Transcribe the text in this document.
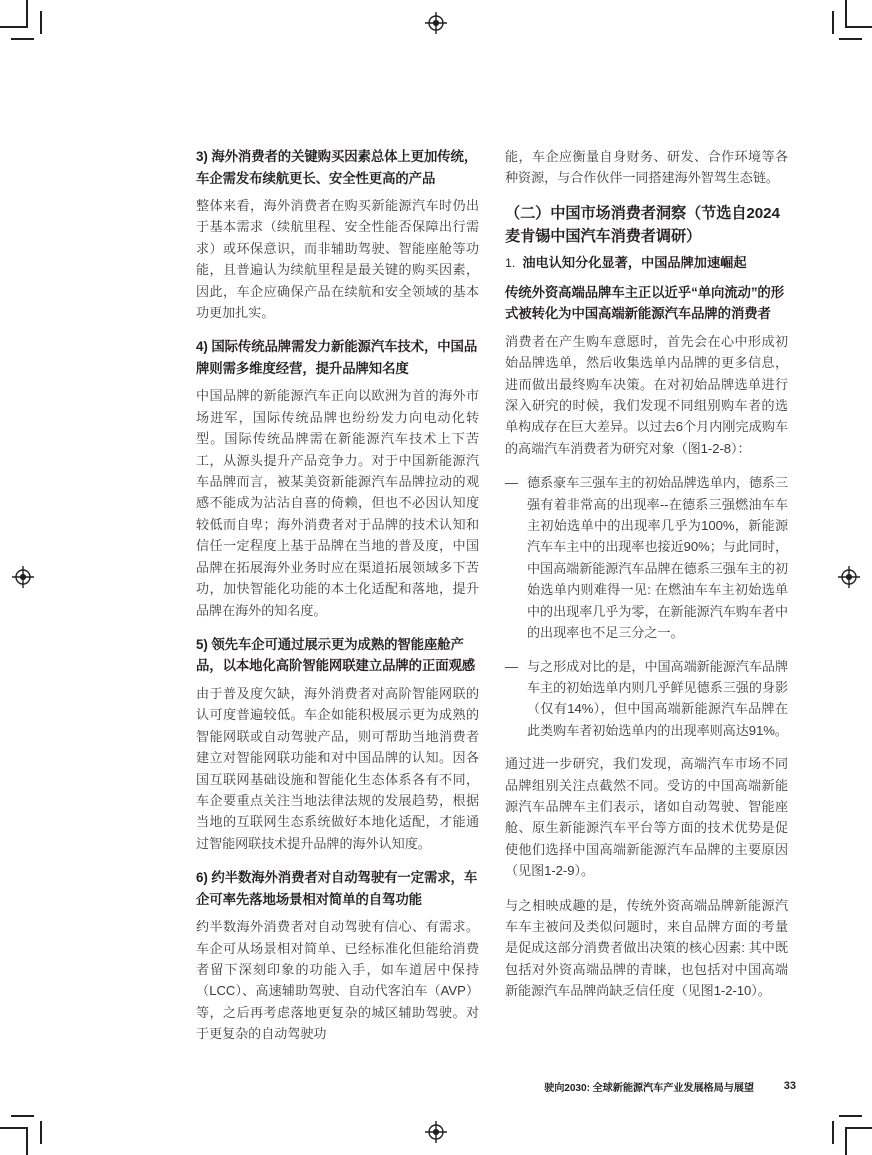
3) 海外消费者的关键购买因素总体上更加传统，车企需发布续航更长、安全性更高的产品

整体来看，海外消费者在购买新能源汽车时仍出于基本需求（续航里程、安全性能否保障出行需求）或环保意识，而非辅助驾驶、智能座舱等功能，且普遍认为续航里程是最关键的购买因素，因此，车企应确保产品在续航和安全领域的基本功更加扎实。

4) 国际传统品牌需发力新能源汽车技术，中国品牌则需多维度经营，提升品牌知名度

中国品牌的新能源汽车正向以欧洲为首的海外市场进军，国际传统品牌也纷纷发力向电动化转型。国际传统品牌需在新能源汽车技术上下苦工，从源头提升产品竞争力。对于中国新能源汽车品牌而言，被某美资新能源汽车品牌拉动的观感不能成为沾沾自喜的倚赖，但也不必因认知度较低而自卑；海外消费者对于品牌的技术认知和信任一定程度上基于品牌在当地的普及度，中国品牌在拓展海外业务时应在渠道拓展领域多下苦功，加快智能化功能的本土化适配和落地，提升品牌在海外的知名度。

5) 领先车企可通过展示更为成熟的智能座舱产品，以本地化高阶智能网联建立品牌的正面观感

由于普及度欠缺，海外消费者对高阶智能网联的认可度普遍较低。车企如能积极展示更为成熟的智能网联或自动驾驶产品，则可帮助当地消费者建立对智能网联功能和对中国品牌的认知。因各国互联网基础设施和智能化生态体系各有不同，车企要重点关注当地法律法规的发展趋势，根据当地的互联网生态系统做好本地化适配，才能通过智能网联技术提升品牌的海外认知度。

6) 约半数海外消费者对自动驾驶有一定需求，车企可率先落地场景相对简单的自驾功能

约半数海外消费者对自动驾驶有信心、有需求。车企可从场景相对简单、已经标准化但能给消费者留下深刻印象的功能入手，如车道居中保持（LCC）、高速辅助驾驶、自动代客泊车（AVP）等，之后再考虑落地更复杂的城区辅助驾驶。对于更复杂的自动驾驶功

能，车企应衡量自身财务、研发、合作环境等各种资源，与合作伙伴一同搭建海外智驾生态链。

（二）中国市场消费者洞察（节选自2024麦肯锡中国汽车消费者调研）
1. 油电认知分化显著，中国品牌加速崛起
传统外资高端品牌车主正以近乎“单向流动”的形式被转化为中国高端新能源汽车品牌的消费者

消费者在产生购车意愿时，首先会在心中形成初始品牌选单，然后收集选单内品牌的更多信息，进而做出最终购车决策。在对初始品牌选单进行深入研究的时候，我们发现不同组别购车者的选单构成存在巨大差异。以过去6个月内刚完成购车的高端汽车消费者为研究对象（图1-2-8）：

— 德系豪车三强车主的初始品牌选单内，德系三强有着非常高的出现率--在德系三强燃油车车主初始选单中的出现率几乎为100%，新能源汽车车主中的出现率也接近90%；与此同时，中国高端新能源汽车品牌在德系三强车主的初始选单内则难得一见: 在燃油车车主初始选单中的出现率几乎为零，在新能源汽车购车者中的出现率也不足三分之一。
— 与之形成对比的是，中国高端新能源汽车品牌车主的初始选单内则几乎鲜见德系三强的身影（仅有14%），但中国高端新能源汽车品牌在此类购车者初始选单内的出现率则高达91%。

通过进一步研究，我们发现，高端汽车市场不同品牌组别关注点截然不同。受访的中国高端新能源汽车品牌车主们表示，诸如自动驾驶、智能座舱、原生新能源汽车平台等方面的技术优势是促使他们选择中国高端新能源汽车品牌的主要原因（见图1-2-9）。

与之相映成趣的是，传统外资高端品牌新能源汽车车主被问及类似问题时，来自品牌方面的考量是促成这部分消费者做出决策的核心因素: 其中既包括对外资高端品牌的青睐，也包括对中国高端新能源汽车品牌尚缺乏信任度（见图1-2-10）。

驶向2030: 全球新能源汽车产业发展格局与展望	33
